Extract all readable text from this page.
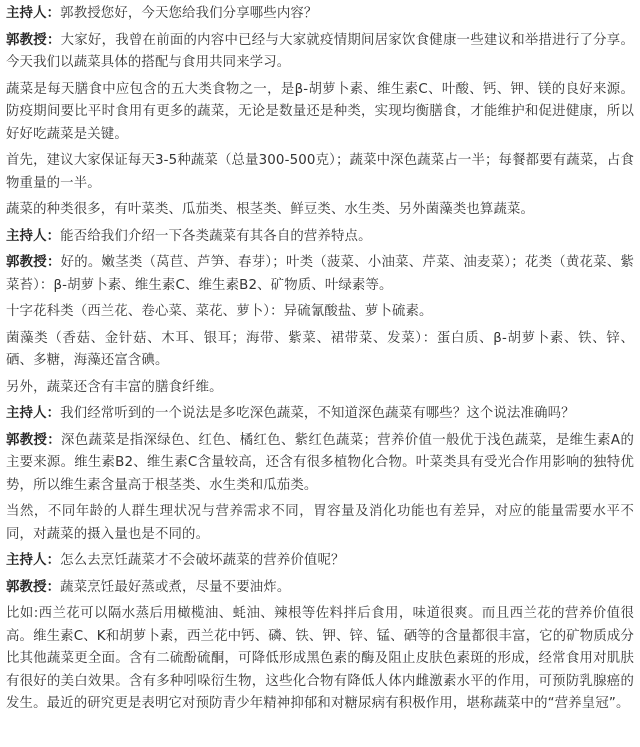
主持人：郭教授您好，今天您给我们分享哪些内容？

郭教授：大家好，我曾在前面的内容中已经与大家就疫情期间居家饮食健康一些建议和举措进行了分享。今天我们以蔬菜具体的搭配与食用共同来学习。

蔬菜是每天膳食中应包含的五大类食物之一，是β-胡萝卜素、维生素C、叶酸、钙、钾、镁的良好来源。防疫期间要比平时食用有更多的蔬菜，无论是数量还是种类，实现均衡膳食，才能维护和促进健康，所以好好吃蔬菜是关键。

首先，建议大家保证每天3-5种蔬菜（总量300-500克）；蔬菜中深色蔬菜占一半；每餐都要有蔬菜，占食物重量的一半。

蔬菜的种类很多，有叶菜类、瓜茄类、根茎类、鲜豆类、水生类、另外菌藻类也算蔬菜。

主持人：能否给我们介绍一下各类蔬菜有其各自的营养特点。

郭教授：好的。嫩茎类（莴苣、芦笋、春芽）；叶类（菠菜、小油菜、芹菜、油麦菜）；花类（黄花菜、紫菜苔）：β-胡萝卜素、维生素C、维生素B2、矿物质、叶绿素等。

十字花科类（西兰花、卷心菜、菜花、萝卜）：异硫氰酸盐、萝卜硫素。

菌藻类（香菇、金针菇、木耳、银耳；海带、紫菜、裙带菜、发菜）：蛋白质、β-胡萝卜素、铁、锌、硒、多糖，海藻还富含碘。

另外，蔬菜还含有丰富的膳食纤维。

主持人：我们经常听到的一个说法是多吃深色蔬菜，不知道深色蔬菜有哪些？这个说法准确吗？

郭教授：深色蔬菜是指深绿色、红色、橘红色、紫红色蔬菜；营养价值一般优于浅色蔬菜，是维生素A的主要来源。维生素B2、维生素C含量较高，还含有很多植物化合物。叶菜类具有受光合作用影响的独特优势，所以维生素含量高于根茎类、水生类和瓜茄类。

当然，不同年龄的人群生理状况与营养需求不同，胃容量及消化功能也有差异，对应的能量需要水平不同，对蔬菜的摄入量也是不同的。

主持人：怎么去烹饪蔬菜才不会破坏蔬菜的营养价值呢？

郭教授：蔬菜烹饪最好蒸或煮，尽量不要油炸。

比如:西兰花可以隔水蒸后用橄榄油、蚝油、辣根等佐料拌后食用，味道很爽。而且西兰花的营养价值很高。维生素C、K和胡萝卜素，西兰花中钙、磷、铁、钾、锌、锰、硒等的含量都很丰富，它的矿物质成分比其他蔬菜更全面。含有二硫酚硫酮，可降低形成黑色素的酶及阻止皮肤色素斑的形成，经常食用对肌肤有很好的美白效果。含有多种吲哚衍生物，这些化合物有降低人体内雌激素水平的作用，可预防乳腺癌的发生。最近的研究更是表明它对预防青少年精神抑郁和对糖尿病有积极作用，堪称蔬菜中的“营养皇冠”。
